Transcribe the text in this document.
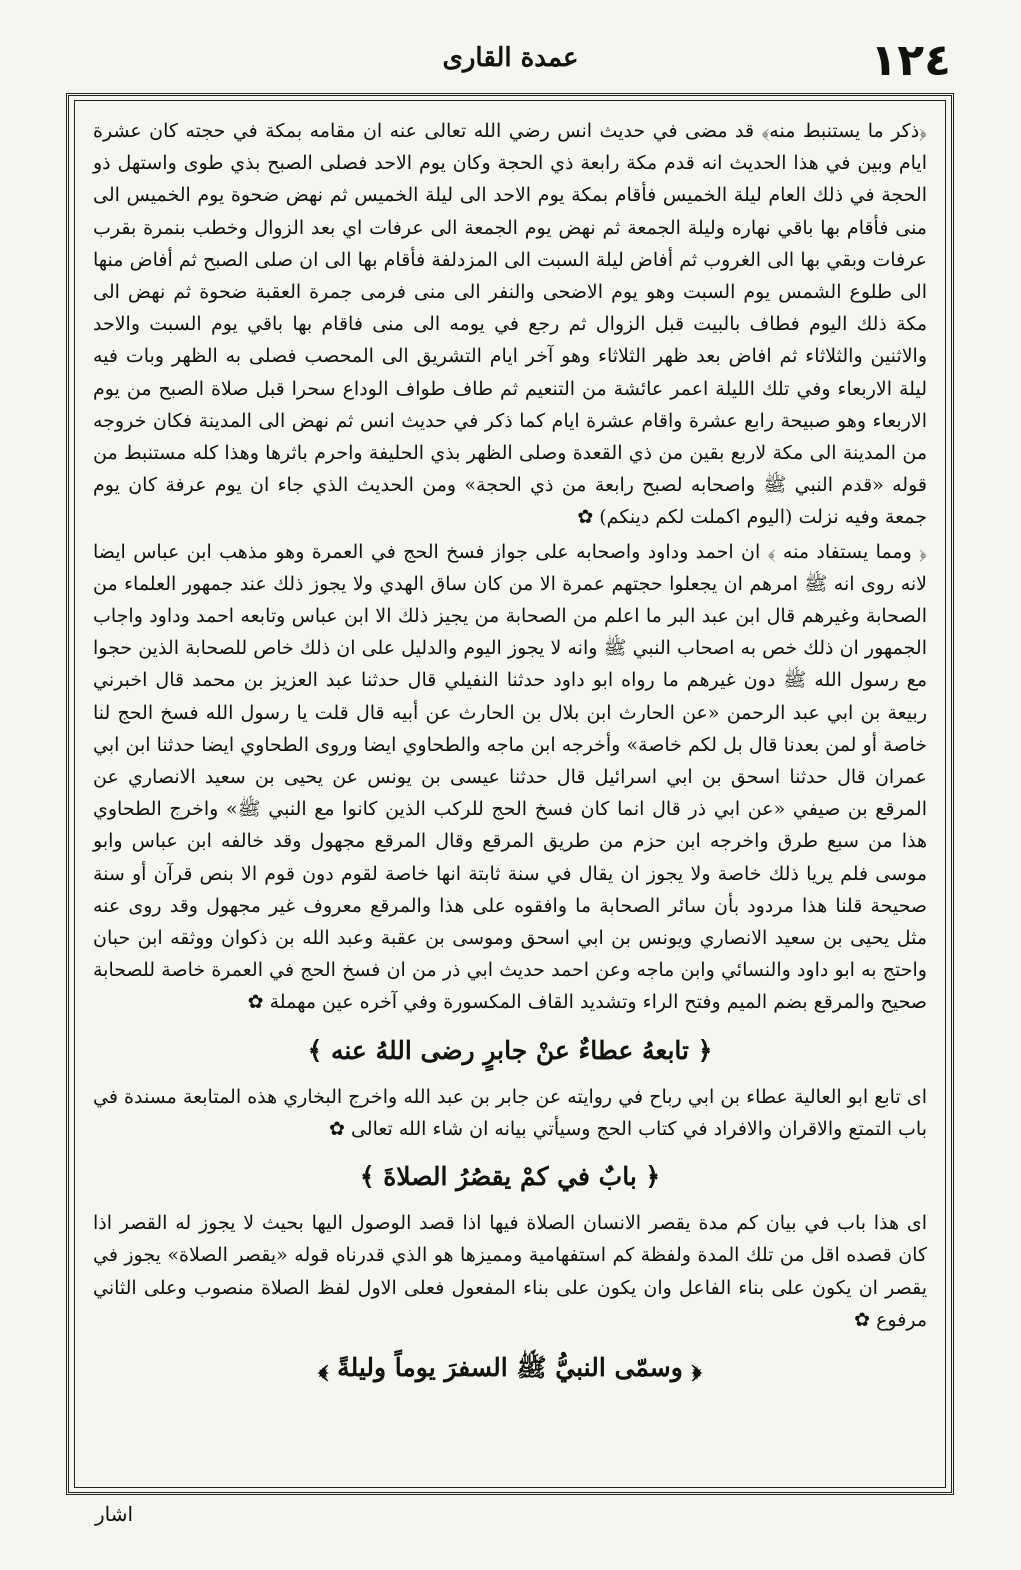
١٢٤
عمدة القارى

﴿ذكر ما يستنبط منه﴾ قد مضى في حديث انس رضي الله تعالى عنه ان مقامه بمكة في حجته كان عشرة ايام وبين في هذا الحديث انه قدم مكة رابعة ذي الحجة وكان يوم الاحد فصلى الصبح بذي طوى واستهل ذو الحجة في ذلك العام ليلة الخميس فأقام بمكة يوم الاحد الى ليلة الخميس ثم نهض ضحوة يوم الخميس الى منى فأقام بها باقي نهاره وليلة الجمعة ثم نهض يوم الجمعة الى عرفات اي بعد الزوال وخطب بنمرة بقرب عرفات وبقي بها الى الغروب ثم أفاض ليلة السبت الى المزدلفة فأقام بها الى ان صلى الصبح ثم أفاض منها الى طلوع الشمس يوم السبت وهو يوم الاضحى والنفر الى منى فرمى جمرة العقبة ضحوة ثم نهض الى مكة ذلك اليوم فطاف بالبيت قبل الزوال ثم رجع في يومه الى منى فاقام بها باقي يوم السبت والاحد والاثنين والثلاثاء ثم افاض بعد ظهر الثلاثاء وهو آخر ايام التشريق الى المحصب فصلى به الظهر وبات فيه ليلة الاربعاء وفي تلك الليلة اعمر عائشة من التنعيم ثم طاف طواف الوداع سحرا قبل صلاة الصبح من يوم الاربعاء وهو صبيحة رابع عشرة واقام عشرة ايام كما ذكر في حديث انس ثم نهض الى المدينة فكان خروجه من المدينة الى مكة لاربع بقين من ذي القعدة وصلى الظهر بذي الحليفة واحرم باثرها وهذا كله مستنبط من قوله «قدم النبي ﷺ واصحابه لصبح رابعة من ذي الحجة» ومن الحديث الذي جاء ان يوم عرفة كان يوم جمعة وفيه نزلت (اليوم اكملت لكم دينكم) ✿

﴿ ومما يستفاد منه ﴾ ان احمد وداود واصحابه على جواز فسخ الحج في العمرة وهو مذهب ابن عباس ايضا لانه روى انه ﷺ امرهم ان يجعلوا حجتهم عمرة الا من كان ساق الهدي ولا يجوز ذلك عند جمهور العلماء من الصحابة وغيرهم قال ابن عبد البر ما اعلم من الصحابة من يجيز ذلك الا ابن عباس وتابعه احمد وداود واجاب الجمهور ان ذلك خص به اصحاب النبي ﷺ وانه لا يجوز اليوم والدليل على ان ذلك خاص للصحابة الذين حجوا مع رسول الله ﷺ دون غيرهم ما رواه ابو داود حدثنا النفيلي قال حدثنا عبد العزيز بن محمد قال اخبرني ربيعة بن ابي عبد الرحمن «عن الحارث ابن بلال بن الحارث عن أبيه قال قلت يا رسول الله فسخ الحج لنا خاصة أو لمن بعدنا قال بل لكم خاصة» وأخرجه ابن ماجه والطحاوي ايضا وروى الطحاوي ايضا حدثنا ابن ابي عمران قال حدثنا اسحق بن ابي اسرائيل قال حدثنا عيسى بن يونس عن يحيى بن سعيد الانصاري عن المرقع بن صيفي «عن ابي ذر قال انما كان فسخ الحج للركب الذين كانوا مع النبي ﷺ» واخرج الطحاوي هذا من سبع طرق واخرجه ابن حزم من طريق المرقع وقال المرقع مجهول وقد خالفه ابن عباس وابو موسى فلم يريا ذلك خاصة ولا يجوز ان يقال في سنة ثابتة انها خاصة لقوم دون قوم الا بنص قرآن أو سنة صحيحة قلنا هذا مردود بأن سائر الصحابة ما وافقوه على هذا والمرقع معروف غير مجهول وقد روى عنه مثل يحيى بن سعيد الانصاري ويونس بن ابي اسحق وموسى بن عقبة وعبد الله بن ذكوان ووثقه ابن حبان واحتج به ابو داود والنسائي وابن ماجه وعن احمد حديث ابي ذر من ان فسخ الحج في العمرة خاصة للصحابة صحيح والمرقع بضم الميم وفتح الراء وتشديد القاف المكسورة وفي آخره عين مهملة ✿

﴿ تابعهُ عطاءٌ عنْ جابرٍ رضى اللهُ عنه ﴾

اى تابع ابو العالية عطاء بن ابي رباح في روايته عن جابر بن عبد الله واخرج البخاري هذه المتابعة مسندة في باب التمتع والاقران والافراد في كتاب الحج وسيأتي بيانه ان شاء الله تعالى ✿

﴿ بابٌ في كمْ يقصُرُ الصلاةَ ﴾

اى هذا باب في بيان كم مدة يقصر الانسان الصلاة فيها اذا قصد الوصول اليها بحيث لا يجوز له القصر اذا كان قصده اقل من تلك المدة ولفظة كم استفهامية ومميزها هو الذي قدرناه قوله «يقصر الصلاة» يجوز في يقصر ان يكون على بناء الفاعل وان يكون على بناء المفعول فعلى الاول لفظ الصلاة منصوب وعلى الثاني مرفوع ✿

﴿ وسمّى النبيُّ ﷺ السفرَ يوماً وليلةً ﴾
اشار
